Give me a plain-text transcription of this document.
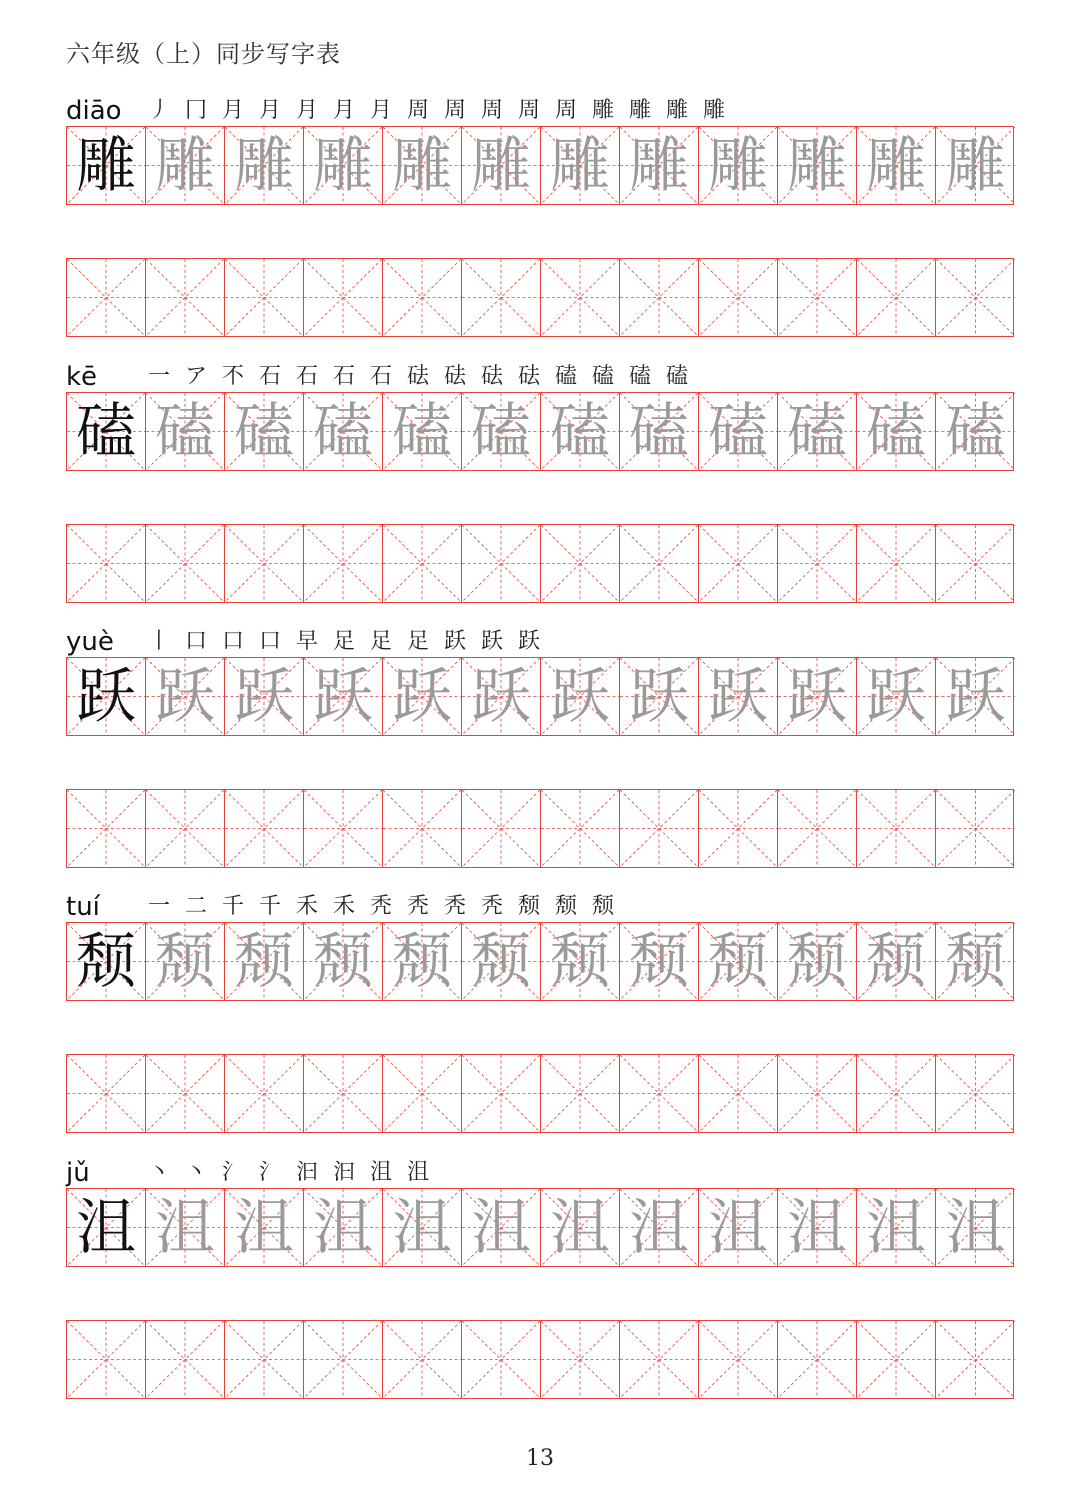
六年级（上）同步写字表
diāo 丿 冂 月 月 月 月 月 周 周 周 周 周 雕 雕 雕 雕
雕 雕 雕 雕 雕 雕 雕 雕 雕 雕 雕 雕
kē 一 ア 不 石 石 石 石 砝 砝 砝 砝 磕 磕 磕 磕
磕 磕 磕 磕 磕 磕 磕 磕 磕 磕 磕 磕
yuè 丨 口 口 口 早 足 足 足 跃 跃 跃
跃 跃 跃 跃 跃 跃 跃 跃 跃 跃 跃 跃
tuí 一 二 千 千 禾 禾 秃 秃 秃 秃 颓 颓 颓
颓 颓 颓 颓 颓 颓 颓 颓 颓 颓 颓 颓
jǔ	丶 丶 氵 氵 汩 汩 沮 沮
沮 沮 沮 沮 沮 沮 沮 沮 沮 沮 沮 沮
13
